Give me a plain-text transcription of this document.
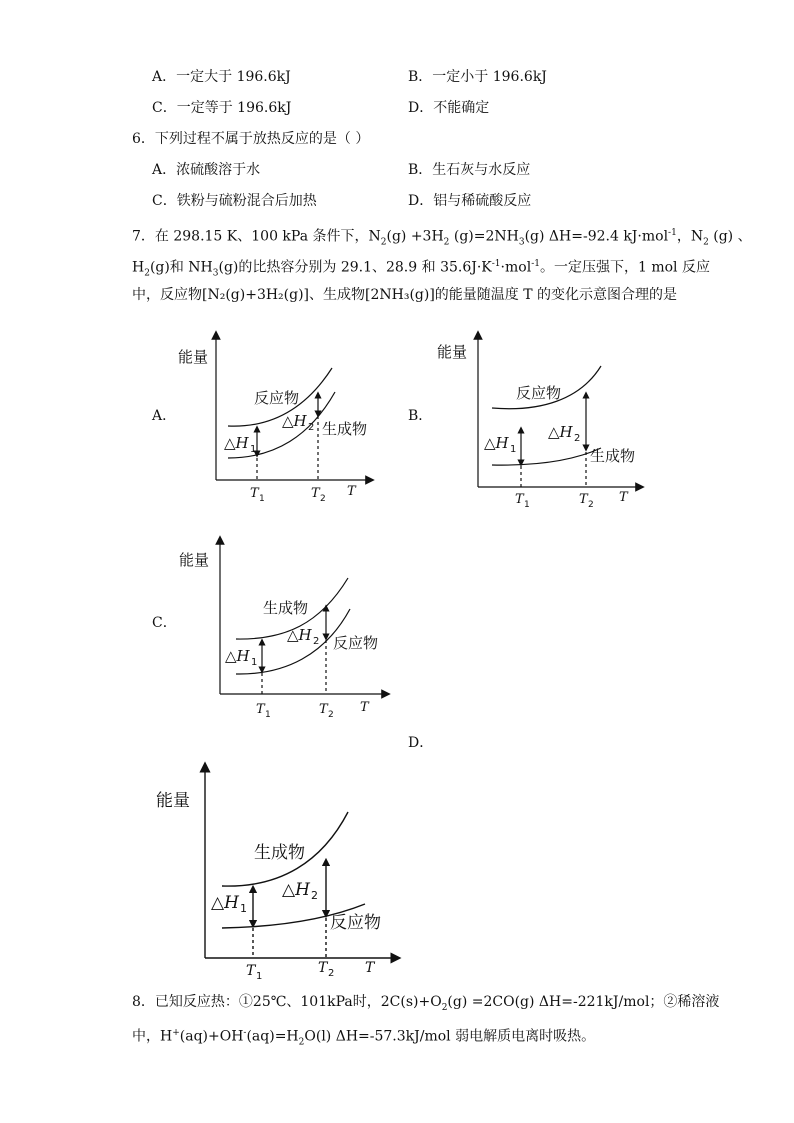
A．一定大于 196.6kJ	B．一定小于 196.6kJ
C．一定等于 196.6kJ	D．不能确定
6．下列过程不属于放热反应的是（ ）
A．浓硫酸溶于水	B．生石灰与水反应
C．铁粉与硫粉混合后加热	D．铝与稀硫酸反应
7．在 298.15 K、100 kPa 条件下，$N_2(g) +3H_2$ $(g)=2NH_3(g)$ ΔH=-92.4 kJ·mol$^{-1}$，$N_2$ (g) 、
$H_2(g)$和 $NH_3(g)$的比热容分别为 29.1、28.9 和 $35.6J\cdot K^{-1}\cdot mol^{-1}$。一定压强下，1 mol 反应
中，反应物[N₂(g)+3H₂(g)]、生成物[2NH₃(g)]的能量随温度 T 的变化示意图合理的是
A．	B．
C．
D．
能量
反应物
生成物
△H 1
△H 2
T 1	T 2 T
能量
反应物
生成物
△H 1
△H 2
T 1	T 2 T
能量
生成物
反应物
△H 1
△H 2
T 1	T 2 T
能量
生成物
反应物
△H 1
△H 2
T 1
T 2 T
8．已知反应热：①25℃、101kPa时，$2C(s)+O_2(g) =2CO(g)$ ΔH=-221kJ/mol；②稀溶液
中，$H^+(aq)+OH^-(aq)=H_2O(l)$ ΔH=-57.3kJ/mol 弱电解质电离时吸热。
